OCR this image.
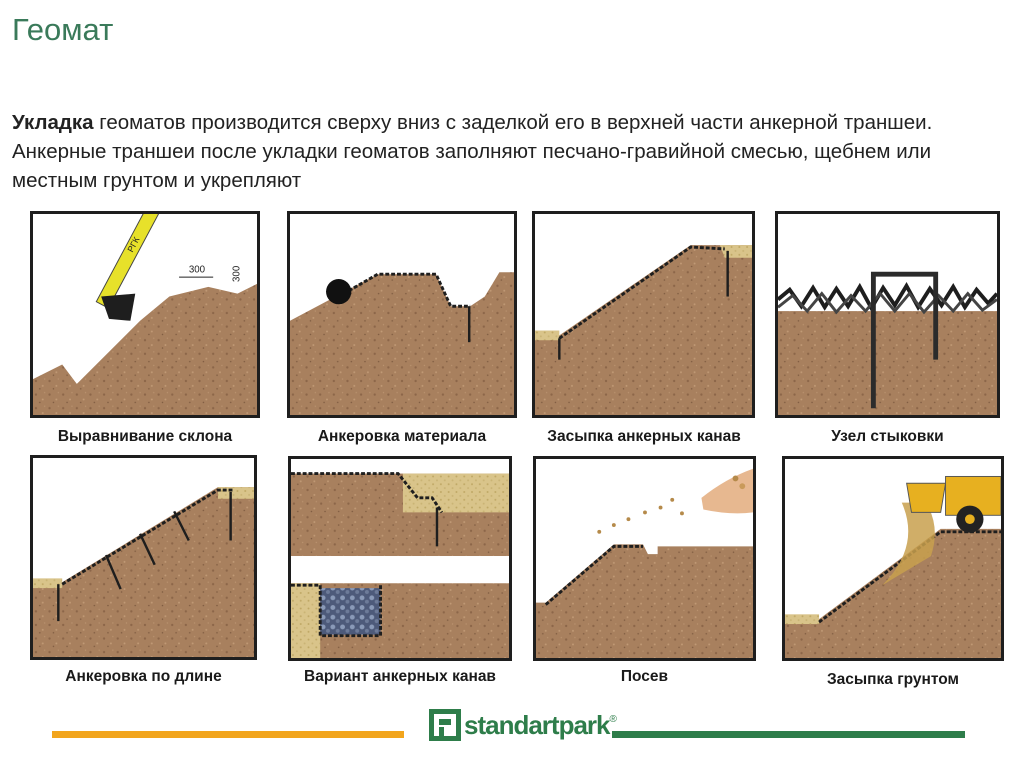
Геомат

Укладка геоматов производится сверху вниз с заделкой его в верхней части анкерной траншеи. Анкерные траншеи после укладки геоматов заполняют песчано-гравийной смесью, щебнем или местным грунтом и укрепляют

РГК
300	300
Выравнивание склона	Анкеровка материала	Засыпка анкерных канав	Узел стыковки
Анкеровка по длине	Вариант анкерных канав	Посев	Засыпка грунтом
standartpark ®
